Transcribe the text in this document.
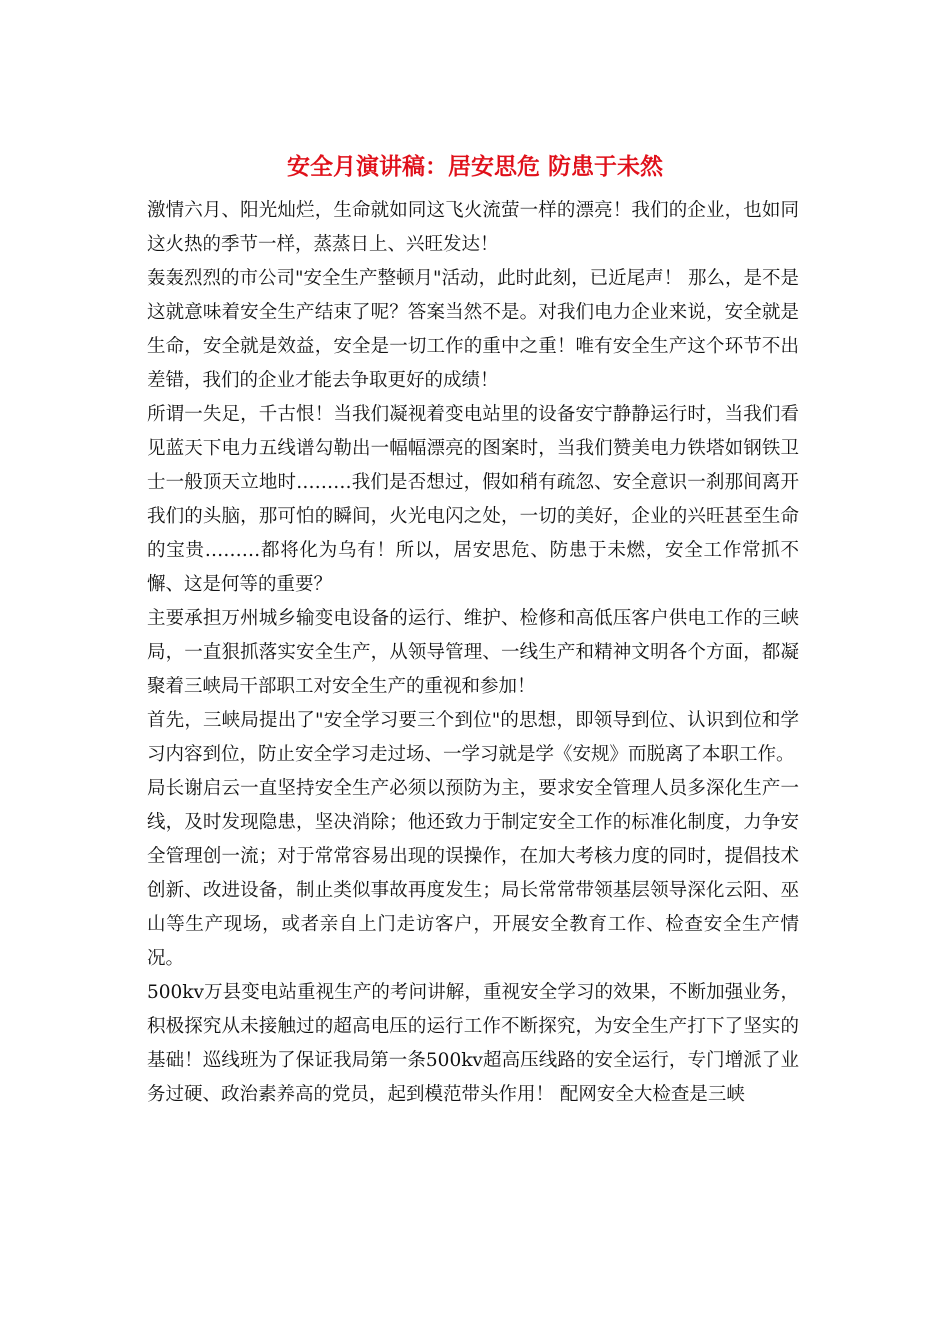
安全月演讲稿：居安思危 防患于未然

激情六月、阳光灿烂，生命就如同这飞火流萤一样的漂亮！我们的企业，也如同这火热的季节一样，蒸蒸日上、兴旺发达！

轰轰烈烈的市公司"安全生产整顿月"活动，此时此刻，已近尾声！ 那么，是不是这就意味着安全生产结束了呢？答案当然不是。对我们电力企业来说，安全就是生命，安全就是效益，安全是一切工作的重中之重！唯有安全生产这个环节不出差错，我们的企业才能去争取更好的成绩！

所谓一失足，千古恨！当我们凝视着变电站里的设备安宁静静运行时，当我们看见蓝天下电力五线谱勾勒出一幅幅漂亮的图案时，当我们赞美电力铁塔如钢铁卫士一般顶天立地时………我们是否想过，假如稍有疏忽、安全意识一刹那间离开我们的头脑，那可怕的瞬间，火光电闪之处，一切的美好，企业的兴旺甚至生命的宝贵………都将化为乌有！所以，居安思危、防患于未燃，安全工作常抓不懈、这是何等的重要？

主要承担万州城乡输变电设备的运行、维护、检修和高低压客户供电工作的三峡局，一直狠抓落实安全生产，从领导管理、一线生产和精神文明各个方面，都凝聚着三峡局干部职工对安全生产的重视和参加！

首先，三峡局提出了"安全学习要三个到位"的思想，即领导到位、认识到位和学习内容到位，防止安全学习走过场、一学习就是学《安规》而脱离了本职工作。

局长谢启云一直坚持安全生产必须以预防为主，要求安全管理人员多深化生产一线，及时发现隐患，坚决消除；他还致力于制定安全工作的标准化制度，力争安全管理创一流；对于常常容易出现的误操作，在加大考核力度的同时，提倡技术创新、改进设备，制止类似事故再度发生；局长常常带领基层领导深化云阳、巫山等生产现场，或者亲自上门走访客户，开展安全教育工作、检查安全生产情况。

500kv万县变电站重视生产的考问讲解，重视安全学习的效果，不断加强业务，积极探究从未接触过的超高电压的运行工作不断探究，为安全生产打下了坚实的基础！巡线班为了保证我局第一条500kv超高压线路的安全运行，专门增派了业务过硬、政治素养高的党员，起到模范带头作用！ 配网安全大检查是三峡
